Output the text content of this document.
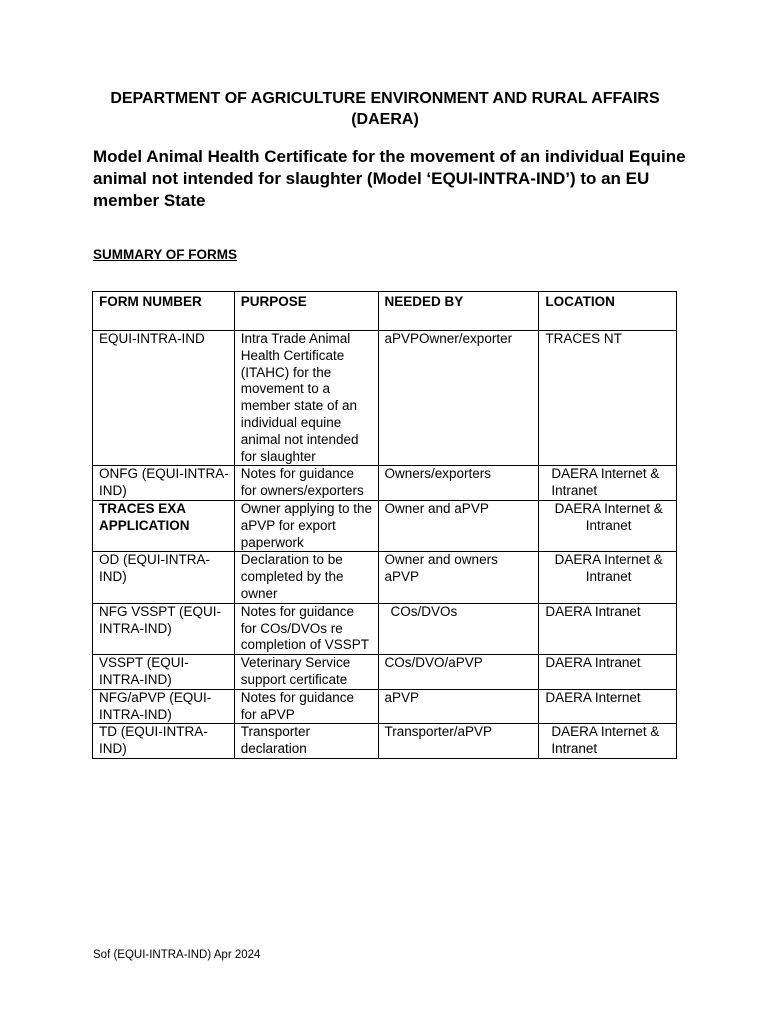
DEPARTMENT OF AGRICULTURE ENVIRONMENT AND RURAL AFFAIRS (DAERA)
Model Animal Health Certificate for the movement of an individual Equine animal not intended for slaughter (Model ‘EQUI-INTRA-IND’) to an EU member State
SUMMARY OF FORMS
FORM NUMBER	PURPOSE	NEEDED BY	LOCATION
EQUI-INTRA-IND	Intra Trade Animal Health Certificate (ITAHC) for the movement to a member state of an individual equine animal not intended for slaughter	aPVPOwner/exporter	TRACES NT
ONFG (EQUI-INTRA-IND)	Notes for guidance for owners/exporters	Owners/exporters	DAERA Internet & Intranet
TRACES EXA APPLICATION	Owner applying to the aPVP for export paperwork	Owner and aPVP	DAERA Internet & Intranet
OD (EQUI-INTRA-IND)	Declaration to be completed by the owner	Owner and owners aPVP	DAERA Internet & Intranet
NFG VSSPT (EQUI-INTRA-IND)	Notes for guidance for COs/DVOs re completion of VSSPT	COs/DVOs	DAERA Intranet
VSSPT (EQUI-INTRA-IND)	Veterinary Service support certificate	COs/DVO/aPVP	DAERA Intranet
NFG/aPVP (EQUI-INTRA-IND)	Notes for guidance for aPVP	aPVP	DAERA Internet
TD (EQUI-INTRA-IND)	Transporter declaration	Transporter/aPVP	DAERA Internet & Intranet
Sof (EQUI-INTRA-IND) Apr 2024
